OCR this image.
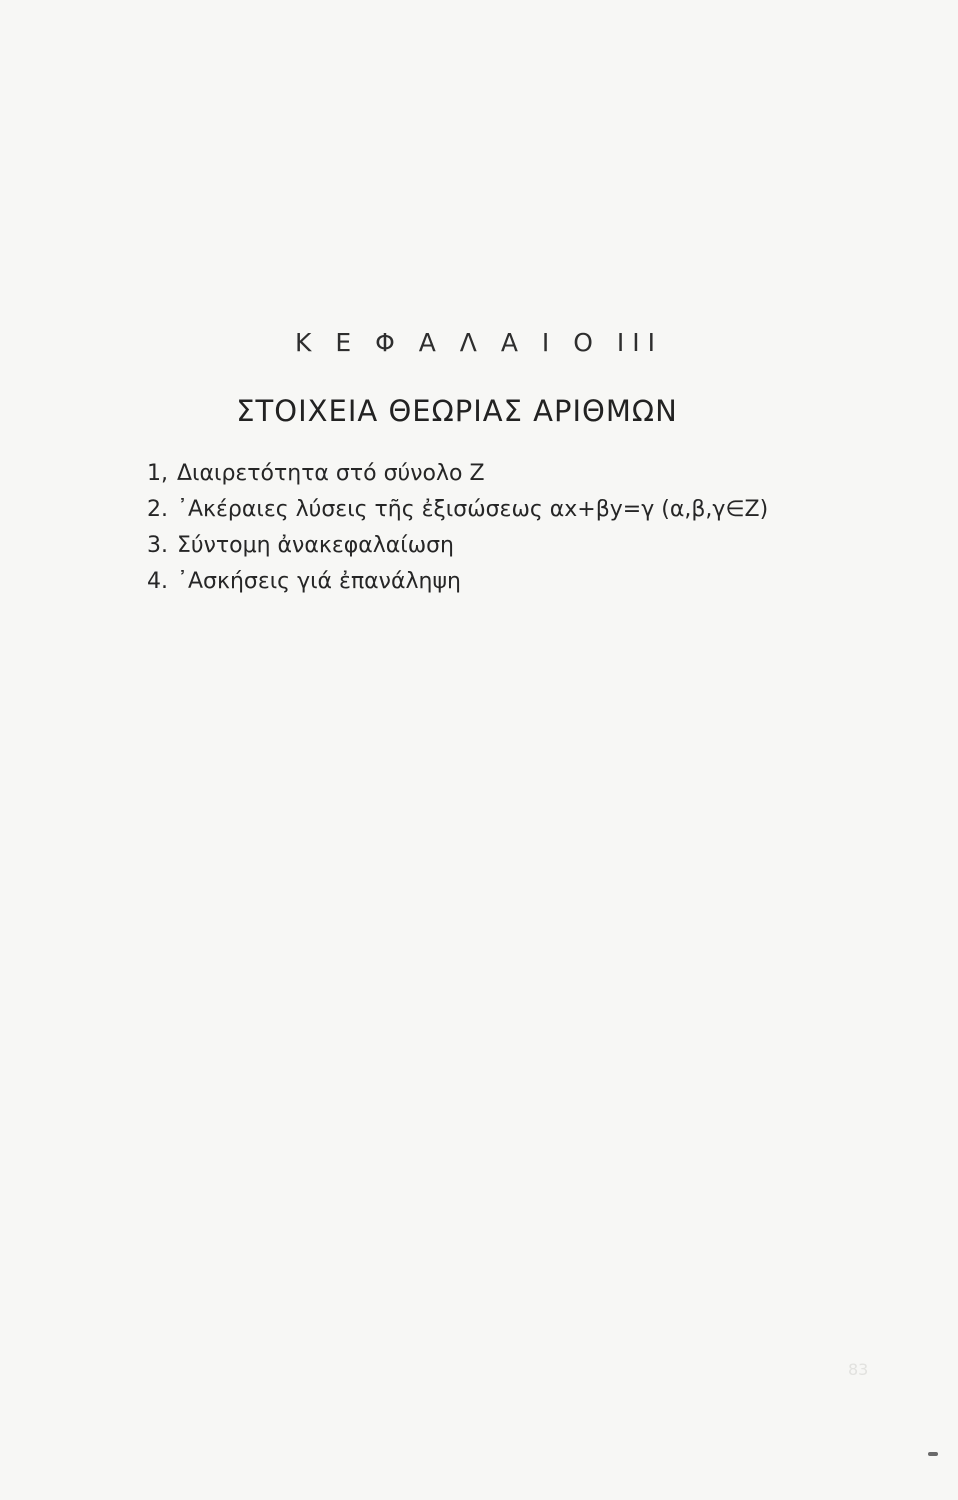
Κ Ε Φ Α Λ Α Ι Ο III
ΣΤΟΙΧΕΙΑ ΘΕΩΡΙΑΣ ΑΡΙΘΜΩΝ
1, Διαιρετότητα στό σύνολο Z
2. ᾿Ακέραιες λύσεις τῆς ἐξισώσεως αx+βy=γ (α,β,γ∈Z)
3. Σύντομη ἀνακεφαλαίωση
4. ᾿Ασκήσεις γιά ἐπανάληψη
83
